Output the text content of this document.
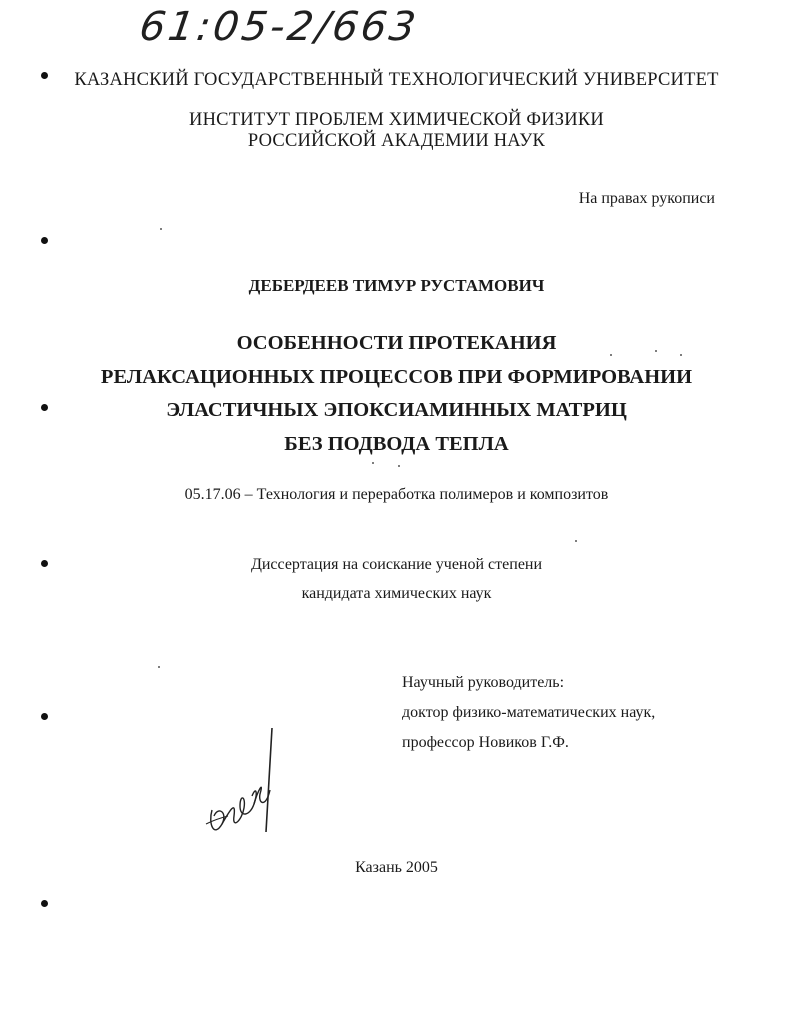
61:05-2/663
КАЗАНСКИЙ ГОСУДАРСТВЕННЫЙ ТЕХНОЛОГИЧЕСКИЙ УНИВЕРСИТЕТ
ИНСТИТУТ ПРОБЛЕМ ХИМИЧЕСКОЙ ФИЗИКИ
РОССИЙСКОЙ АКАДЕМИИ НАУК
На правах рукописи
ДЕБЕРДЕЕВ ТИМУР РУСТАМОВИЧ
ОСОБЕННОСТИ ПРОТЕКАНИЯ
РЕЛАКСАЦИОННЫХ ПРОЦЕССОВ ПРИ ФОРМИРОВАНИИ
ЭЛАСТИЧНЫХ ЭПОКСИАМИННЫХ МАТРИЦ
БЕЗ ПОДВОДА ТЕПЛА
05.17.06 – Технология и переработка полимеров и композитов
Диссертация на соискание ученой степени
кандидата химических наук
Научный руководитель:
доктор физико-математических наук,
профессор Новиков Г.Ф.
Казань 2005
